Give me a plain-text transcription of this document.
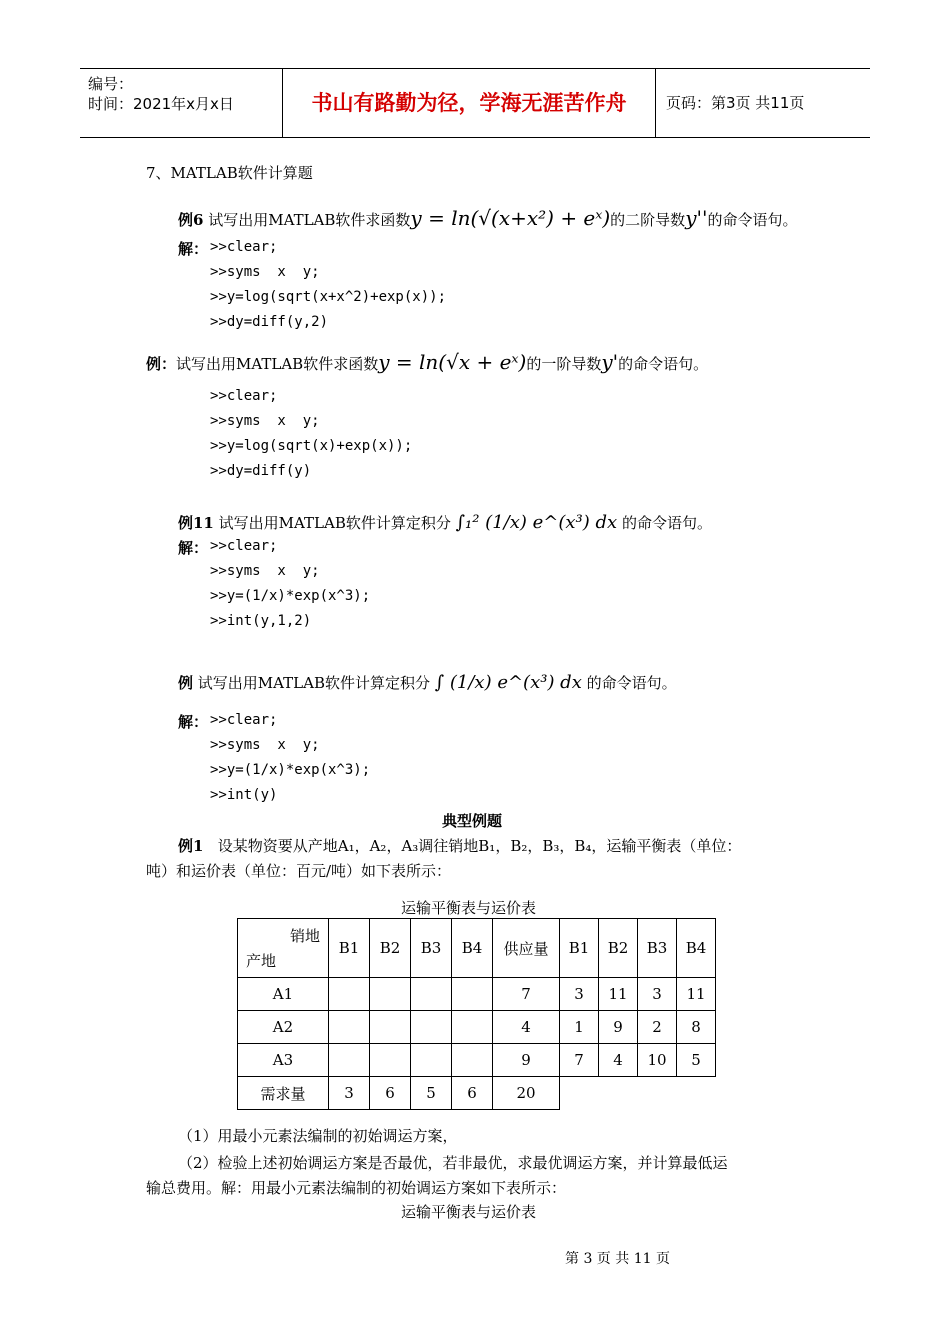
编号：
时间：2021年x月x日	书山有路勤为径，学海无涯苦作舟	页码：第3页 共11页
7、MATLAB软件计算题
例6 试写出用MATLAB软件求函数y = ln(√(x+x²) + eˣ)的二阶导数y''的命令语句。
解： >>clear;
>>syms  x  y;
>>y=log(sqrt(x+x^2)+exp(x));
>>dy=diff(y,2)
例：试写出用MATLAB软件求函数y = ln(√x + eˣ)的一阶导数y'的命令语句。
>>clear;
>>syms  x  y;
>>y=log(sqrt(x)+exp(x));
>>dy=diff(y)
例11 试写出用MATLAB软件计算定积分 ∫₁² (1/x) e^(x³) dx 的命令语句。
解： >>clear;
>>syms  x  y;
>>y=(1/x)*exp(x^3);
>>int(y,1,2)
例 试写出用MATLAB软件计算定积分 ∫ (1/x) e^(x³) dx 的命令语句。
解： >>clear;
>>syms  x  y;
>>y=(1/x)*exp(x^3);
>>int(y)
典型例题
例1 设某物资要从产地A₁，A₂，A₃调往销地B₁，B₂，B₃，B₄，运输平衡表（单位：
吨）和运价表（单位：百元/吨）如下表所示：
运输平衡表与运价表
销地
产地	B1	B2	B3	B4	供应量	B1	B2	B3	B4
A1					7	3	11	3	11
A2					4	1	9	2	8
A3					9	7	4	10	5
需求量	3	6	5	6	20				
（1）用最小元素法编制的初始调运方案，
（2）检验上述初始调运方案是否最优，若非最优，求最优调运方案，并计算最低运
输总费用。解：用最小元素法编制的初始调运方案如下表所示：
运输平衡表与运价表
第 3 页 共 11 页
